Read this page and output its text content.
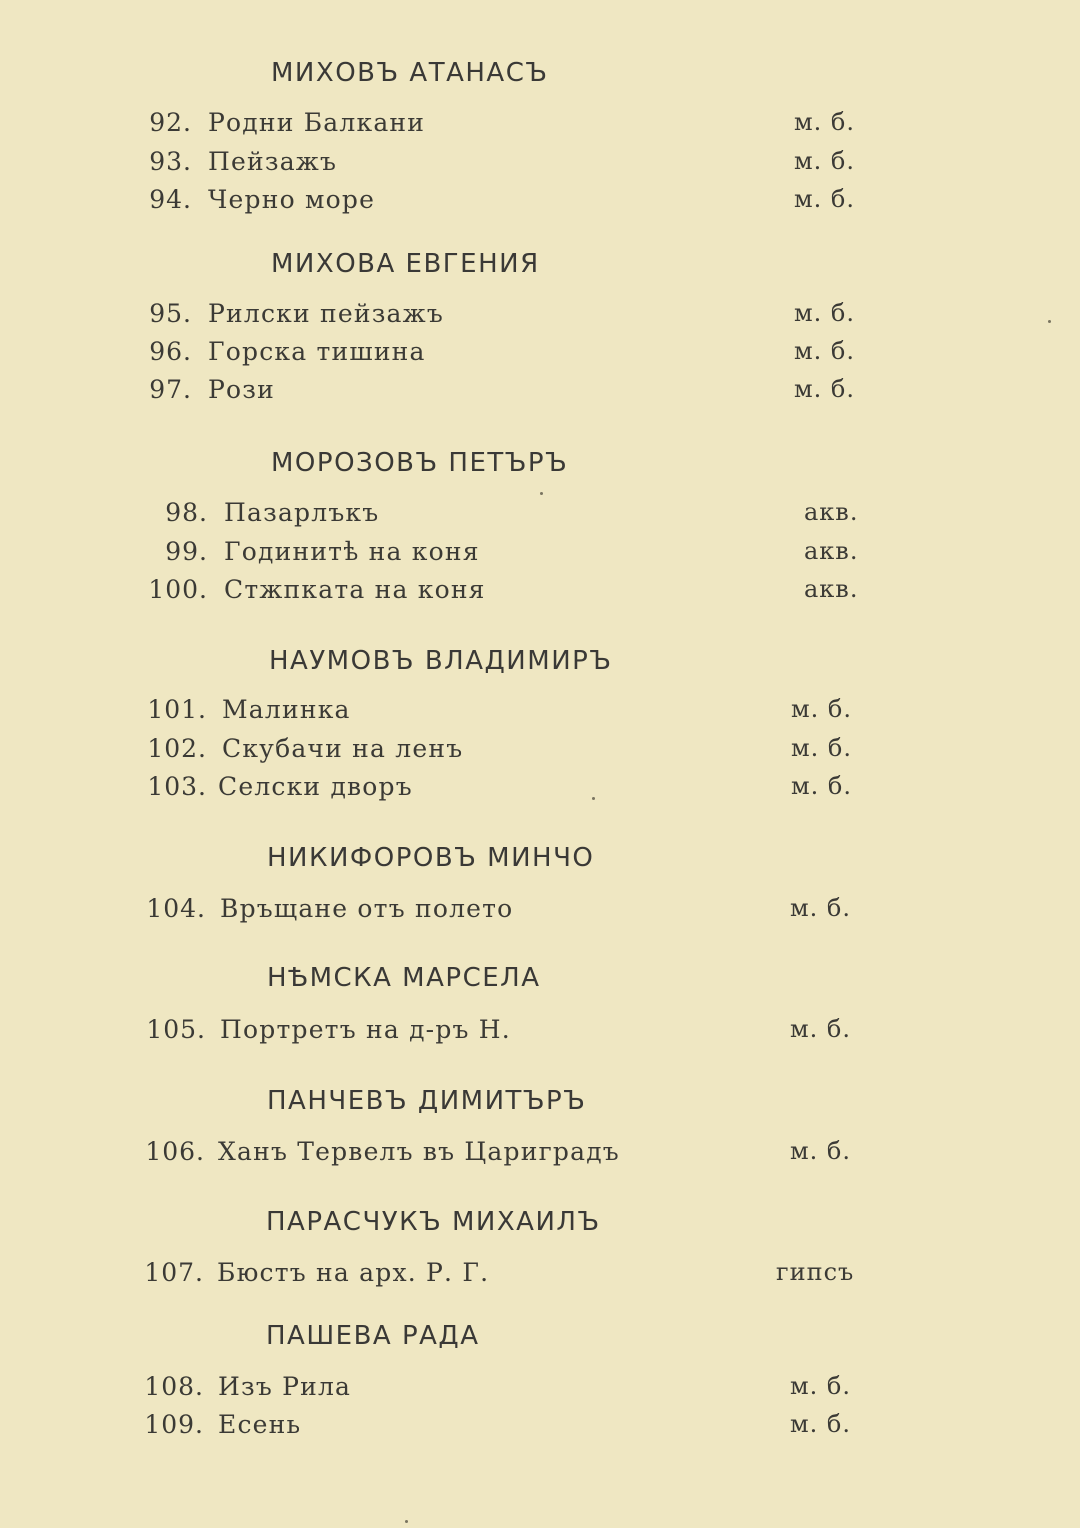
МИХОВЪ АТАНАСЪ
92. Родни Балкани	м. б.
93. Пейзажъ	м. б.
94. Черно море	м. б.
МИХОВА ЕВГЕНИЯ
95. Рилски пейзажъ	м. б.
96. Горска тишина	м. б.
97. Рози	м. б.
МОРОЗОВЪ ПЕТЪРЪ
98. Пазарлъкъ	акв.
99. Годинитѣ на коня	акв.
100. Стжпката на коня	акв.
НАУМОВЪ ВЛАДИМИРЪ
101. Малинка	м. б.
102. Скубачи на ленъ	м. б.
103. Селски дворъ	м. б.
НИКИФОРОВЪ МИНЧО
104. Връщане отъ полето	м. б.
НѢМСКА МАРСЕЛА
105. Портретъ на д-ръ Н.	м. б.
ПАНЧЕВЪ ДИМИТЪРЪ
106. Ханъ Тервелъ въ Цариградъ	м. б.
ПАРАСЧУКЪ МИХАИЛЪ
107. Бюстъ на арх. Р. Г.	гипсъ
ПАШЕВА РАДА
108. Изъ Рила	м. б.
109. Есень	м. б.
